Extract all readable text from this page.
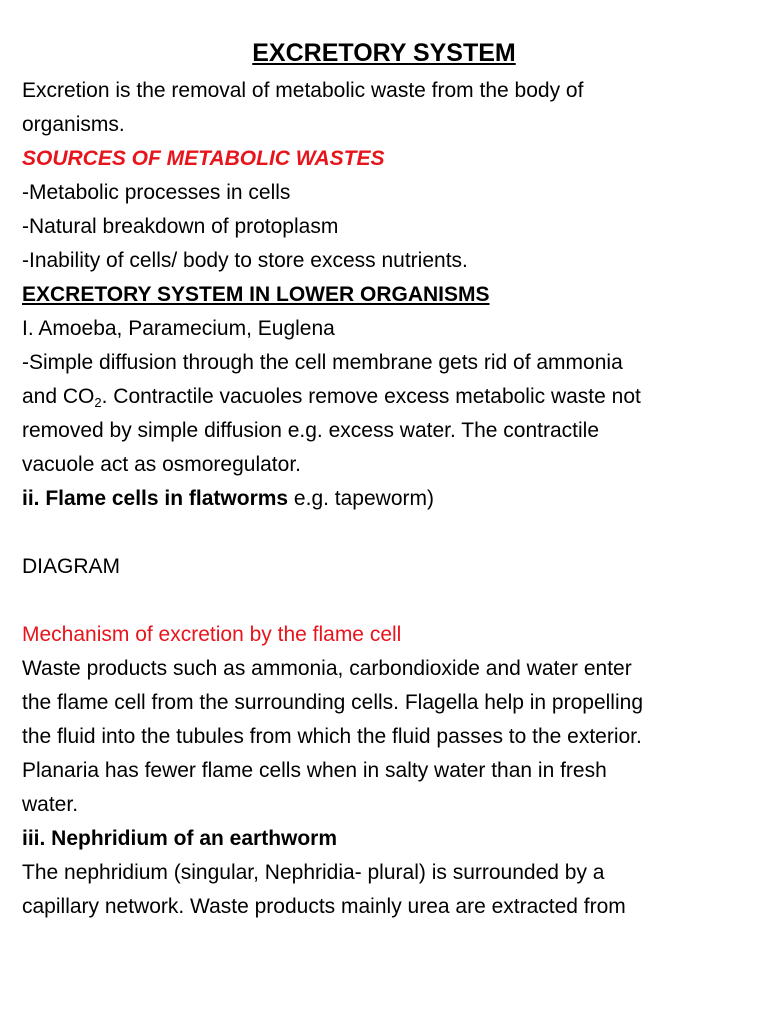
EXCRETORY SYSTEM

Excretion is the removal of metabolic waste from the body of

organisms.

SOURCES OF METABOLIC WASTES

-Metabolic processes in cells

-Natural breakdown of protoplasm

-Inability of cells/ body to store excess nutrients.

EXCRETORY SYSTEM IN LOWER ORGANISMS

I. Amoeba, Paramecium, Euglena

-Simple diffusion through the cell membrane gets rid of ammonia

and $CO_2$. Contractile vacuoles remove excess metabolic waste not

removed by simple diffusion e.g. excess water. The contractile

vacuole act as osmoregulator.

ii. Flame cells in flatworms e.g. tapeworm)

DIAGRAM

Mechanism of excretion by the flame cell

Waste products such as ammonia, carbondioxide and water enter

the flame cell from the surrounding cells. Flagella help in propelling

the fluid into the tubules from which the fluid passes to the exterior.

Planaria has fewer flame cells when in salty water than in fresh

water.

iii. Nephridium of an earthworm

The nephridium (singular, Nephridia- plural) is surrounded by a

capillary network. Waste products mainly urea are extracted from
